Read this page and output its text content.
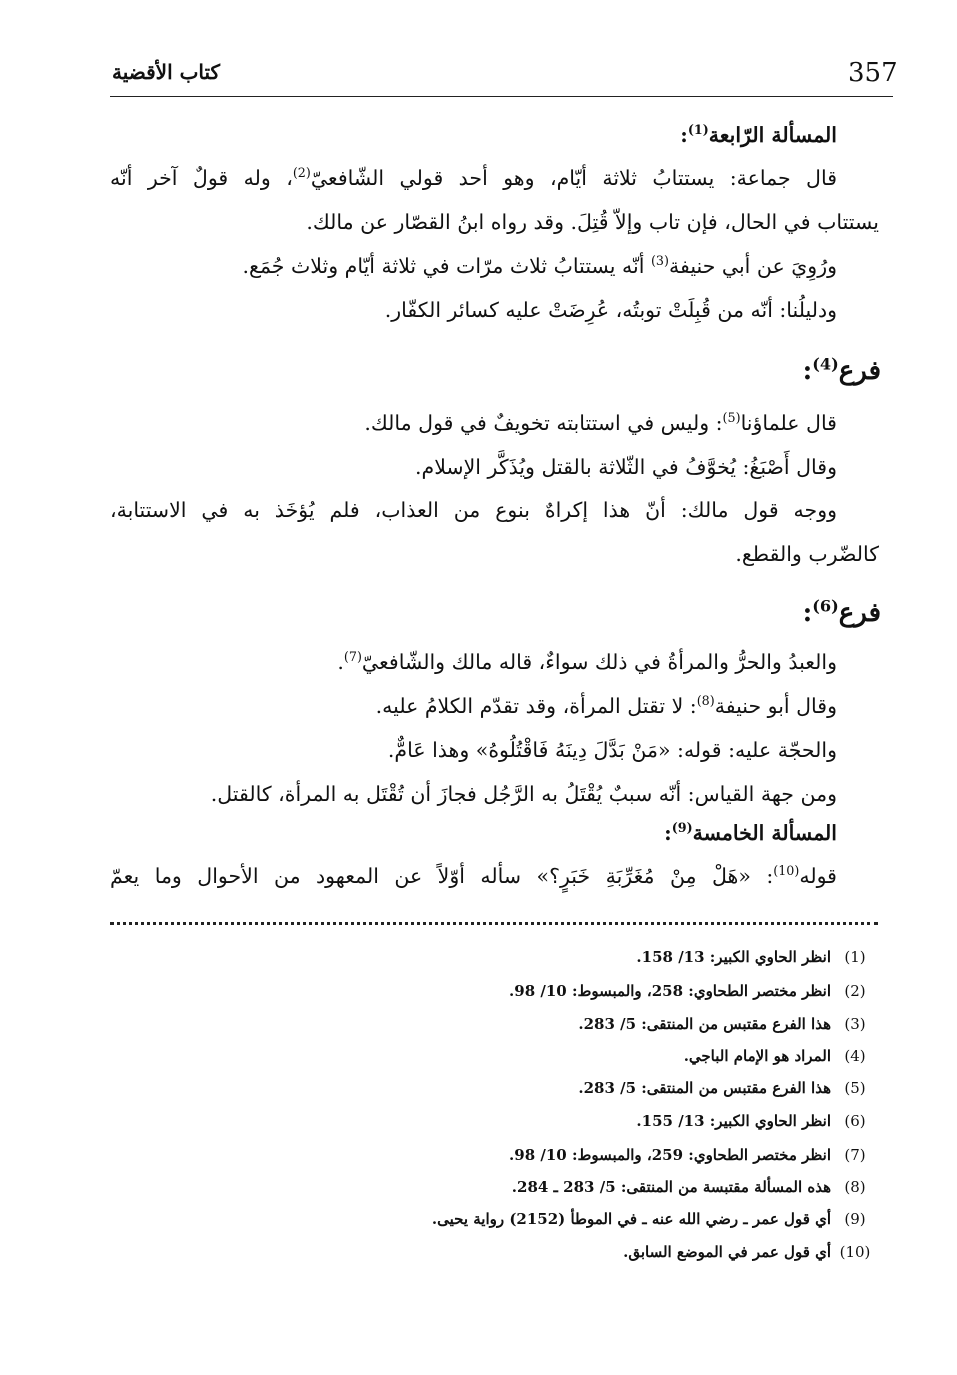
357
كتاب الأقضية
المسألة الرّابعة$^{(1)}$:
قال جماعة: يستتابُ ثلاثة أيّام، وهو أحد قولي الشّافعيّ$^{(2)}$، وله قولٌ آخر أنّه
يستتاب في الحال، فإن تاب وإلاّ قُتِلَ. وقد رواه ابنُ القصّار عن مالك.
ورُوِيَ عن أبي حنيفة$^{(3)}$ أنّه يستتابُ ثلاث مرّات في ثلاثة أيّام وثلاث جُمَع.
ودليلُنا: أنّه من قُبِلَتْ توبتُه، عُرِضَتْ عليه كسائر الكفّار.
فرع$^{(4)}$:
قال علماؤنا$^{(5)}$: وليس في استتابته تخويفٌ في قول مالك.
وقال أَصْبَغُ: يُخوَّفُ في الثّلاثة بالقتل ويُذَكَّر الإسلام.
ووجه قول مالك: أنّ هذا إكراهٌ بنوع من العذاب، فلم يُؤخَذ به في الاستتابة،
كالضّرب والقطع.
فرع$^{(6)}$:
والعبدُ والحرُّ والمرأةُ في ذلك سواءٌ، قاله مالك والشّافعيّ$^{(7)}$.
وقال أبو حنيفة$^{(8)}$: لا تقتل المرأة، وقد تقدّم الكلامُ عليه.
والحجّة عليه: قوله: «مَنْ بَدَّلَ دِينَهُ فَاقْتُلُوهُ» وهذا عَامٌّ.
ومن جهة القياس: أنّه سببٌ يُقْتَلُ به الرَّجُل فجازَ أن تُقْتَل به المرأة، كالقتل.
المسألة الخامسة$^{(9)}$:
قوله$^{(10)}$: «هَلْ مِنْ مُغَرِّبَةِ خَبَرٍ؟» سأله أوّلاً عن المعهود من الأحوال وما يعمّ
(1)انظر الحاوي الكبير: 13/ 158.
(2)انظر مختصر الطحاوي: 258، والمبسوط: 10/ 98.
(3)هذا الفرع مقتبس من المنتقى: 5/ 283.
(4)المراد هو الإمام الباجي.
(5)هذا الفرع مقتبس من المنتقى: 5/ 283.
(6)انظر الحاوي الكبير: 13/ 155.
(7)انظر مختصر الطحاوي: 259، والمبسوط: 10/ 98.
(8)هذه المسألة مقتبسة من المنتقى: 5/ 283 ـ 284.
(9)أي قول عمر ـ رضي الله عنه ـ في الموطأ (2152) رواية يحيى.
(10)أي قول عمر في الموضع السابق.
